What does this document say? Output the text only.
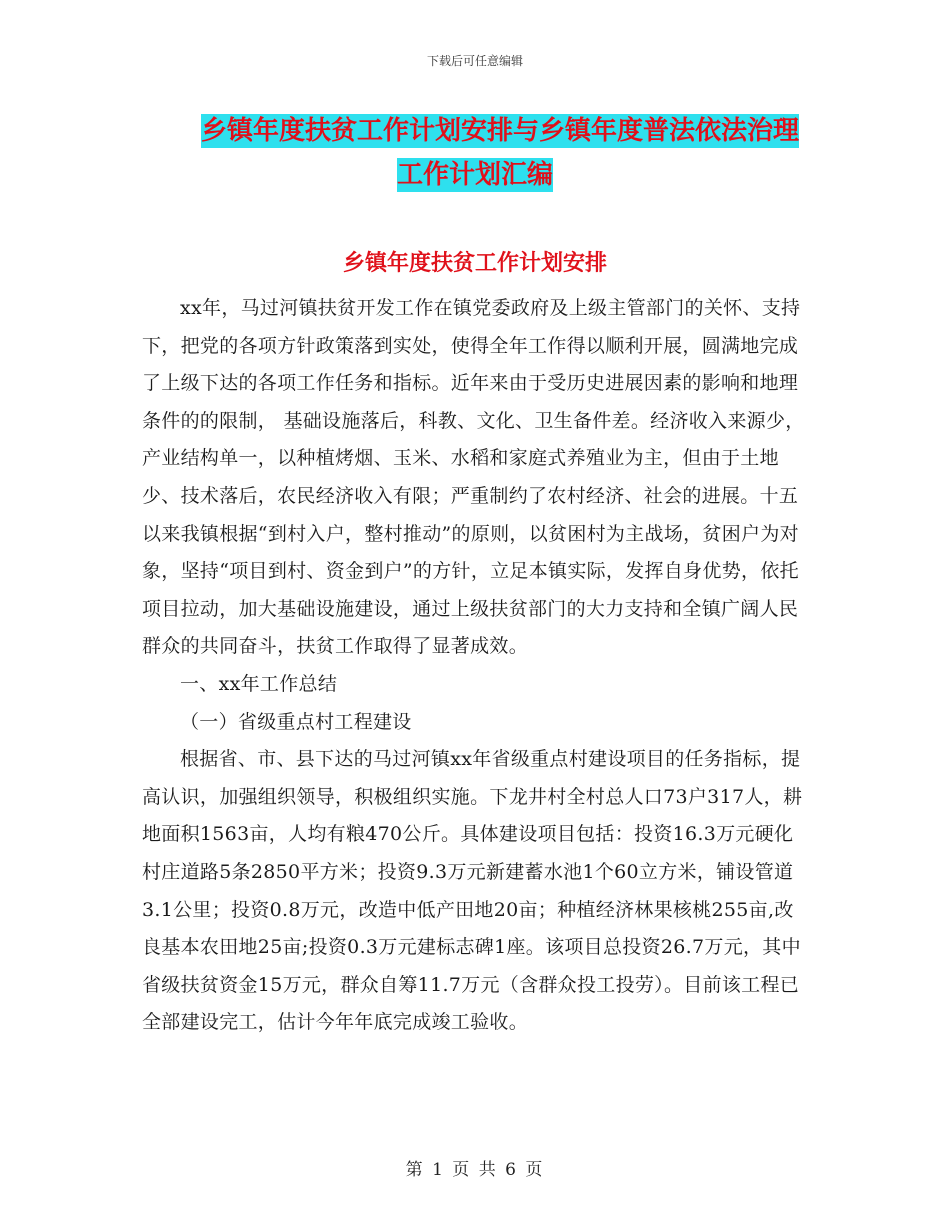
下载后可任意编辑
乡镇年度扶贫工作计划安排与乡镇年度普法依法治理
工作计划汇编
乡镇年度扶贫工作计划安排

xx年，马过河镇扶贫开发工作在镇党委政府及上级主管部门的关怀、支持下，把党的各项方针政策落到实处，使得全年工作得以顺利开展，圆满地完成了上级下达的各项工作任务和指标。近年来由于受历史进展因素的影响和地理条件的的限制， 基础设施落后，科教、文化、卫生备件差。经济收入来源少，产业结构单一，以种植烤烟、玉米、水稻和家庭式养殖业为主，但由于土地少、技术落后，农民经济收入有限；严重制约了农村经济、社会的进展。十五以来我镇根据“到村入户，整村推动”的原则，以贫困村为主战场，贫困户为对象，坚持“项目到村、资金到户”的方针，立足本镇实际，发挥自身优势，依托项目拉动，加大基础设施建设，通过上级扶贫部门的大力支持和全镇广阔人民群众的共同奋斗，扶贫工作取得了显著成效。

一、xx年工作总结

（一）省级重点村工程建设

根据省、市、县下达的马过河镇xx年省级重点村建设项目的任务指标，提高认识，加强组织领导，积极组织实施。下龙井村全村总人口73户317人，耕地面积1563亩，人均有粮470公斤。具体建设项目包括：投资16.3万元硬化村庄道路5条2850平方米；投资9.3万元新建蓄水池1个60立方米，铺设管道3.1公里；投资0.8万元，改造中低产田地20亩；种植经济林果核桃255亩,改良基本农田地25亩;投资0.3万元建标志碑1座。该项目总投资26.7万元，其中省级扶贫资金15万元，群众自筹11.7万元（含群众投工投劳）。目前该工程已全部建设完工，估计今年年底完成竣工验收。

第 1 页 共 6 页
